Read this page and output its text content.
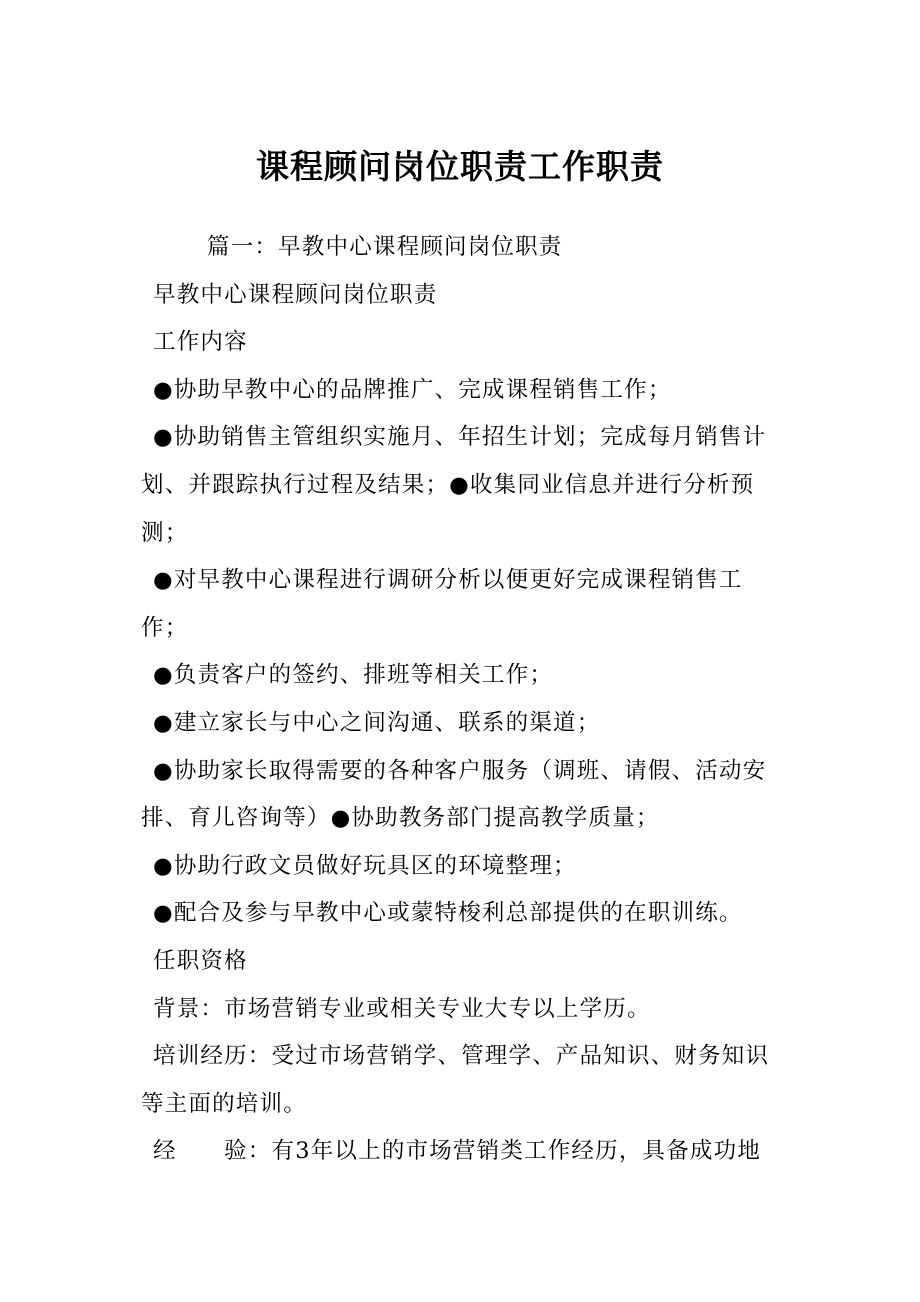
课程顾问岗位职责工作职责

篇一：早教中心课程顾问岗位职责

早教中心课程顾问岗位职责

工作内容

●协助早教中心的品牌推广、完成课程销售工作；

●协助销售主管组织实施月、年招生计划；完成每月销售计划、并跟踪执行过程及结果；●收集同业信息并进行分析预测；

●对早教中心课程进行调研分析以便更好完成课程销售工作；

●负责客户的签约、排班等相关工作；

●建立家长与中心之间沟通、联系的渠道；

●协助家长取得需要的各种客户服务（调班、请假、活动安排、育儿咨询等）●协助教务部门提高教学质量；

●协助行政文员做好玩具区的环境整理；

●配合及参与早教中心或蒙特梭利总部提供的在职训练。

任职资格

背景：市场营销专业或相关专业大专以上学历。

培训经历：受过市场营销学、管理学、产品知识、财务知识等主面的培训。

经　　验：有3年以上的市场营销类工作经历，具备成功地
